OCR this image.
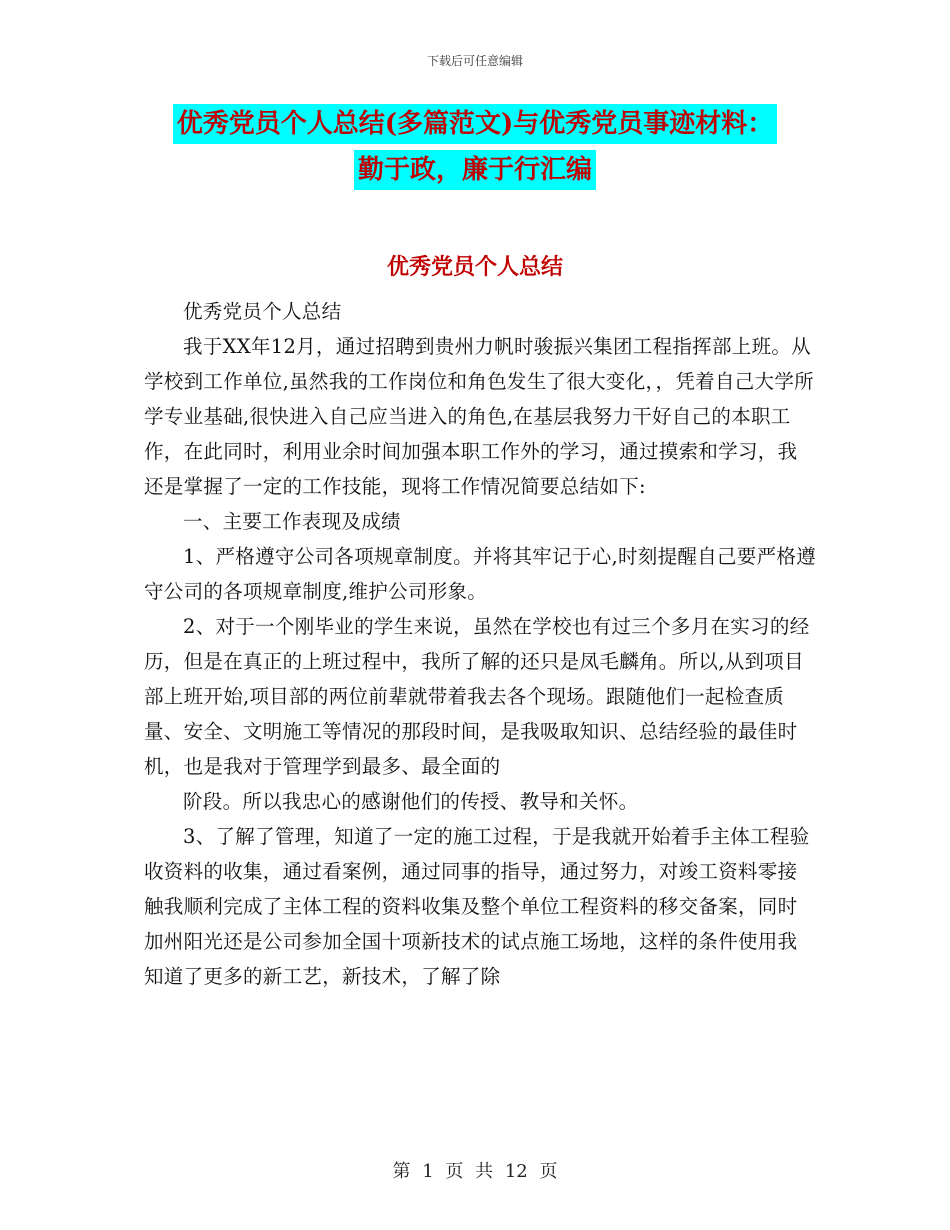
下载后可任意编辑
优秀党员个人总结(多篇范文)与优秀党员事迹材料：
勤于政，廉于行汇编
优秀党员个人总结

优秀党员个人总结

我于XX年12月，通过招聘到贵州力帆时骏振兴集团工程指挥部上班。从学校到工作单位,虽然我的工作岗位和角色发生了很大变化，，凭着自己大学所学专业基础,很快进入自己应当进入的角色,在基层我努力干好自己的本职工作，在此同时，利用业余时间加强本职工作外的学习，通过摸索和学习，我还是掌握了一定的工作技能，现将工作情况简要总结如下:

一、主要工作表现及成绩

1、严格遵守公司各项规章制度。并将其牢记于心,时刻提醒自己要严格遵守公司的各项规章制度,维护公司形象。

2、对于一个刚毕业的学生来说，虽然在学校也有过三个多月在实习的经历，但是在真正的上班过程中，我所了解的还只是凤毛麟角。所以,从到项目部上班开始,项目部的两位前辈就带着我去各个现场。跟随他们一起检查质量、安全、文明施工等情况的那段时间，是我吸取知识、总结经验的最佳时机，也是我对于管理学到最多、最全面的

阶段。所以我忠心的感谢他们的传授、教导和关怀。

3、了解了管理，知道了一定的施工过程，于是我就开始着手主体工程验收资料的收集，通过看案例，通过同事的指导，通过努力，对竣工资料零接触我顺利完成了主体工程的资料收集及整个单位工程资料的移交备案，同时加州阳光还是公司参加全国十项新技术的试点施工场地，这样的条件使用我知道了更多的新工艺，新技术，了解了除

第 1 页 共 12 页
